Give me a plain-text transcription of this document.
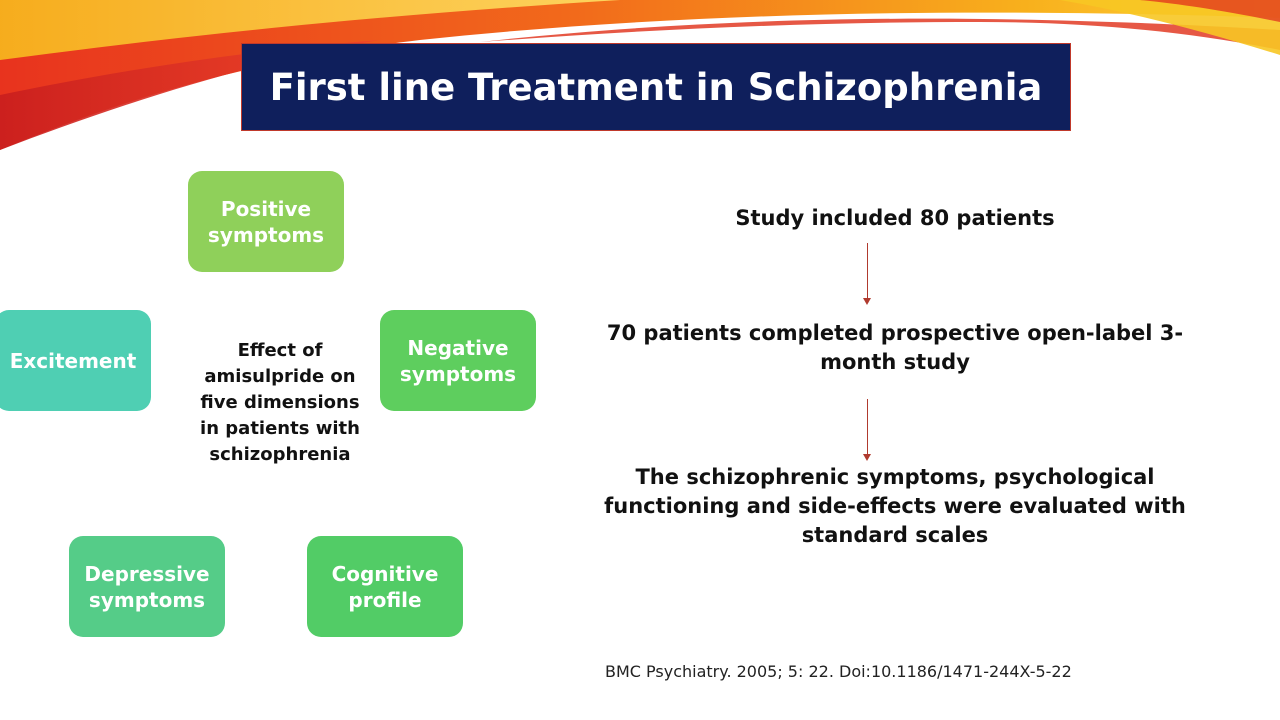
First line Treatment in Schizophrenia
Positive symptoms
Excitement
Negative symptoms
Depressive symptoms
Cognitive profile
Effect of amisulpride on five dimensions in patients with schizophrenia
Study included 80 patients
70 patients completed prospective open-label 3-month study
The schizophrenic symptoms, psychological functioning and side-effects were evaluated with standard scales
BMC Psychiatry. 2005; 5: 22. Doi:10.1186/1471-244X-5-22
